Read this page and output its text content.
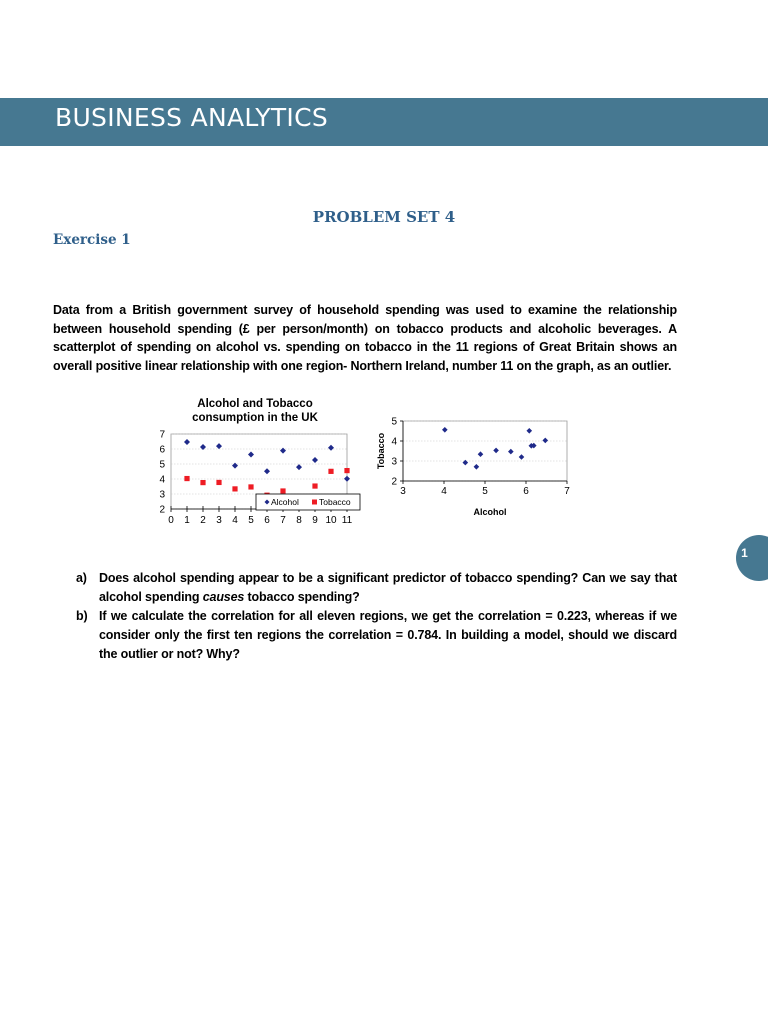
BUSINESS ANALYTICS
PROBLEM SET 4
Exercise 1

Data from a British government survey of household spending was used to examine the relationship between household spending (£ per person/month) on tobacco products and alcoholic beverages. A scatterplot of spending on alcohol vs. spending on tobacco in the 11 regions of Great Britain shows an overall positive linear relationship with one region- Northern Ireland, number 11 on the graph, as an outlier.

Alcohol and Tobacco
consumption in the UK
2
3
4
5
6
7
0 1 2 3 4 5 6 7 8 9 10 11
Alcohol Tobacco
2
3
4
5
3	4	5	6	7
Alcohol
Tobacco
a) Does alcohol spending appear to be a significant predictor of tobacco spending? Can we say that alcohol spending causes tobacco spending?
b) If we calculate the correlation for all eleven regions, we get the correlation = 0.223, whereas if we consider only the first ten regions the correlation = 0.784. In building a model, should we discard the outlier or not? Why?
1
